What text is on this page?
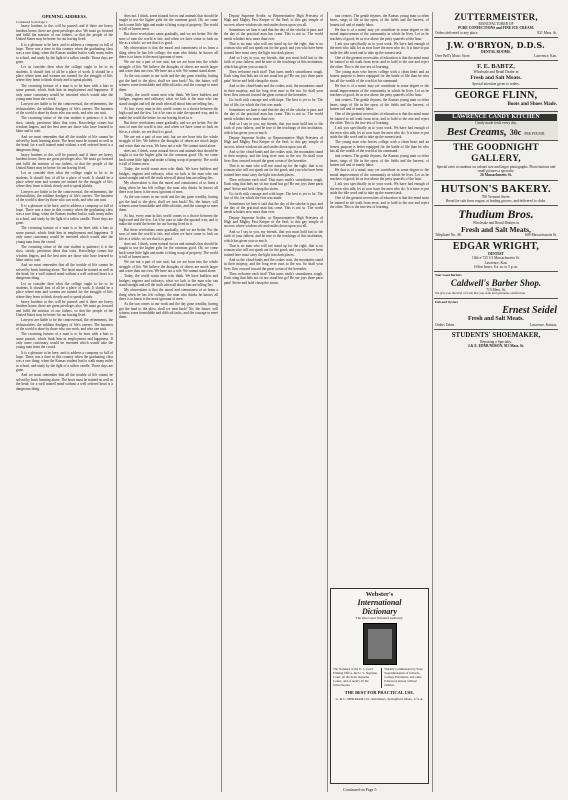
OPENING ADDRESS.
Continued from Page 1.

heavy burdens to this will be passed; and if there are heavy burdens borne, there are great privileges also. We must go forward and fulfil the mission of our fathers, so that the people of the United States may be better for our having lived.

It is a pleasure to be here, and to address a company so full of hope. There was a time in this country when the graduating class was a rare thing; when the Kansas student had to walk many miles to school, and study by the light of a tallow candle. Those days are gone.

Let us consider then what the college ought to be to its students. It should first of all be a place of work. It should be a place where men and women are trained for the struggle of life; where they learn to think clearly and to speak plainly.

The crowning fortune of a man is to be born with a bias to some pursuit, which finds him in employment and happiness. If only some customary would be invented which would take the young man from the crowd.

Lawyers are liable to be the controversial, the refinements, the technicalities, the sublime drudgery of life's careers. The business of the world is done by those who can work, and who can wait.

The crowning virtue of the true student is patience; it is the slow, steady, persistent labor that wins. Knowledge comes but wisdom lingers, and the best men are those who have learned to labor and to wait.

And we must remember that all the trouble of life cannot be solved by book learning alone. The heart must be trained as well as the head; for a well trained mind without a well ordered heart is a dangerous thing.

heavy burdens to this will be passed; and if there are heavy burdens borne, there are great privileges also. We must go forward and fulfil the mission of our fathers, so that the people of the United States may be better for our having lived.

Let us consider then what the college ought to be to its students. It should first of all be a place of work. It should be a place where men and women are trained for the struggle of life; where they learn to think clearly and to speak plainly.

Lawyers are liable to be the controversial, the refinements, the technicalities, the sublime drudgery of life's careers. The business of the world is done by those who can work, and who can wait.

It is a pleasure to be here, and to address a company so full of hope. There was a time in this country when the graduating class was a rare thing; when the Kansas student had to walk many miles to school, and study by the light of a tallow candle. Those days are gone.

The crowning fortune of a man is to be born with a bias to some pursuit, which finds him in employment and happiness. If only some customary would be invented which would take the young man from the crowd.

The crowning virtue of the true student is patience; it is the slow, steady, persistent labor that wins. Knowledge comes but wisdom lingers, and the best men are those who have learned to labor and to wait.

And we must remember that all the trouble of life cannot be solved by book learning alone. The heart must be trained as well as the head; for a well trained mind without a well ordered heart is a dangerous thing.

Let us consider then what the college ought to be to its students. It should first of all be a place of work. It should be a place where men and women are trained for the struggle of life; where they learn to think clearly and to speak plainly.

heavy burdens to this will be passed; and if there are heavy burdens borne, there are great privileges also. We must go forward and fulfil the mission of our fathers, so that the people of the United States may be better for our having lived.

Lawyers are liable to be the controversial, the refinements, the technicalities, the sublime drudgery of life's careers. The business of the world is done by those who can work, and who can wait.

The crowning fortune of a man is to be born with a bias to some pursuit, which finds him in employment and happiness. If only some customary would be invented which would take the young man from the crowd.

It is a pleasure to be here, and to address a company so full of hope. There was a time in this country when the graduating class was a rare thing; when the Kansas student had to walk many miles to school, and study by the light of a tallow candle. Those days are gone.

And we must remember that all the trouble of life cannot be solved by book learning alone. The heart must be trained as well as the head; for a well trained mind without a well ordered heart is a dangerous thing.

does not. I think, some natural forces and animals that should be taught to use the higher gifts for the common good. Oh, we come back some little light and make a fitting scrap of property. The world is full of honest men.

But these revelations came gradually, and we are better. For the sons of men the world is fair; and when we have come to look on life as a whole, we see that it is good.

My observation is that the moral and commonest of us learn a thing when he has left college; the man who thinks he knows all there is to know is the most ignorant of men.

We are not a part of one unit, but we are born into the whole struggle of life. We believe the thoughts of others are much larger and wiser than our own. We have not a role. We cannot stand alone.

As the sun comes to our work and the day gone wealthy, having got the land to the plow, shall we turn back? No, the future, will witness some formidable and difficult tasks, and the courage to meet them.

Today, the world wants men who think. We have builders and bridges, engines and railways; what we lack is the man who can stand straight and tell the truth when all about him are telling lies.

At last, every man in this world comes to a choice between the high road and the low. Let it be ours to take the upward way, and to make the world the better for our having lived in it.

But these revelations came gradually, and we are better. For the sons of men the world is fair; and when we have come to look on life as a whole, we see that it is good.

We are not a part of one unit, but we are born into the whole struggle of life. We believe the thoughts of others are much larger and wiser than our own. We have not a role. We cannot stand alone.

does not. I think, some natural forces and animals that should be taught to use the higher gifts for the common good. Oh, we come back some little light and make a fitting scrap of property. The world is full of honest men.

Today, the world wants men who think. We have builders and bridges, engines and railways; what we lack is the man who can stand straight and tell the truth when all about him are telling lies.

My observation is that the moral and commonest of us learn a thing when he has left college; the man who thinks he knows all there is to know is the most ignorant of men.

As the sun comes to our work and the day gone wealthy, having got the land to the plow, shall we turn back? No, the future, will witness some formidable and difficult tasks, and the courage to meet them.

At last, every man in this world comes to a choice between the high road and the low. Let it be ours to take the upward way, and to make the world the better for our having lived in it.

But these revelations came gradually, and we are better. For the sons of men the world is fair; and when we have come to look on life as a whole, we see that it is good.

does not. I think, some natural forces and animals that should be taught to use the higher gifts for the common good. Oh, we come back some little light and make a fitting scrap of property. The world is full of honest men.

We are not a part of one unit, but we are born into the whole struggle of life. We believe the thoughts of others are much larger and wiser than our own. We have not a role. We cannot stand alone.

Today, the world wants men who think. We have builders and bridges, engines and railways; what we lack is the man who can stand straight and tell the truth when all about him are telling lies.

My observation is that the moral and commonest of us learn a thing when he has left college; the man who thinks he knows all there is to know is the most ignorant of men.

As the sun comes to our work and the day gone wealthy, having got the land to the plow, shall we turn back? No, the future, will witness some formidable and difficult tasks, and the courage to meet them.

Deputy Supreme Scribe, so Representative High Priestess of High and Mighty Past Keeper of the Seal; to this gay temple of success where wisdom sits and smiles down upon you all.

Sometimes we hear it said that the day of the scholar is past, and the day of the practical man has come. This is not so. The world needs scholars now more than ever.

That is no man who will not stand up for the right; that is no woman who will not speak out for the good; and you who have been trained here must carry the light into dark places.

And so I say to you, my friends, that you must hold fast to the faith of your fathers; and be true to the teachings of this institution, which has given you so much.

Then welcome each trial! That turns earth's smoothness rough, Each sting that bids not sit nor stand but go! Be our joys three parts pain! Strive and hold cheap the strain.

And so the cloud-lands and the cedars wait, the mountains stand in their majesty, and the long river runs to the sea. So shall your lives flow onward toward the great ocean of the hereafter.

Go forth with courage and with hope. The best is yet to be. The last of life, for which the first was made.

Sometimes we hear it said that the day of the scholar is past, and the day of the practical man has come. This is not so. The world needs scholars now more than ever.

And so I say to you, my friends, that you must hold fast to the faith of your fathers; and be true to the teachings of this institution, which has given you so much.

Deputy Supreme Scribe, so Representative High Priestess of High and Mighty Past Keeper of the Seal; to this gay temple of success where wisdom sits and smiles down upon you all.

And so the cloud-lands and the cedars wait, the mountains stand in their majesty, and the long river runs to the sea. So shall your lives flow onward toward the great ocean of the hereafter.

That is no man who will not stand up for the right; that is no woman who will not speak out for the good; and you who have been trained here must carry the light into dark places.

Then welcome each trial! That turns earth's smoothness rough, Each sting that bids not sit nor stand but go! Be our joys three parts pain! Strive and hold cheap the strain.

Go forth with courage and with hope. The best is yet to be. The last of life, for which the first was made.

Sometimes we hear it said that the day of the scholar is past, and the day of the practical man has come. This is not so. The world needs scholars now more than ever.

Deputy Supreme Scribe, so Representative High Priestess of High and Mighty Past Keeper of the Seal; to this gay temple of success where wisdom sits and smiles down upon you all.

And so I say to you, my friends, that you must hold fast to the faith of your fathers; and be true to the teachings of this institution, which has given you so much.

That is no man who will not stand up for the right; that is no woman who will not speak out for the good; and you who have been trained here must carry the light into dark places.

And so the cloud-lands and the cedars wait, the mountains stand in their majesty, and the long river runs to the sea. So shall your lives flow onward toward the great ocean of the hereafter.

Then welcome each trial! That turns earth's smoothness rough, Each sting that bids not sit nor stand but go! Be our joys three parts pain! Strive and hold cheap the strain.

tant centers. The gentle rhymes, the Kansas young man so often hears, sings of life in the open, of the fields and the harvest, of honest toil and of manly labor.

He that is of a mind, may yet contribute in some degree to the moral improvement of the community in which he lives. Let us be teachers of good; let us rise above the petty quarrels of the hour.

I ask you specifically as to your work. We have had enough of the men who talk; let us now have the men who do. It is time to put aside the idle word and to take up the earnest task.

One of the greatest necessities of education is that the mind must be trained to sift truth from error, and to hold to the one and reject the other. This is the true test of learning.

The young man who leaves college with a clean heart and an honest purpose is better equipped for the battle of life than he who has all the wealth of the world at his command.

He that is of a mind, may yet contribute in some degree to the moral improvement of the community in which he lives. Let us be teachers of good; let us rise above the petty quarrels of the hour.

tant centers. The gentle rhymes, the Kansas young man so often hears, sings of life in the open, of the fields and the harvest, of honest toil and of manly labor.

One of the greatest necessities of education is that the mind must be trained to sift truth from error, and to hold to the one and reject the other. This is the true test of learning.

I ask you specifically as to your work. We have had enough of the men who talk; let us now have the men who do. It is time to put aside the idle word and to take up the earnest task.

The young man who leaves college with a clean heart and an honest purpose is better equipped for the battle of life than he who has all the wealth of the world at his command.

tant centers. The gentle rhymes, the Kansas young man so often hears, sings of life in the open, of the fields and the harvest, of honest toil and of manly labor.

He that is of a mind, may yet contribute in some degree to the moral improvement of the community in which he lives. Let us be teachers of good; let us rise above the petty quarrels of the hour.

I ask you specifically as to your work. We have had enough of the men who talk; let us now have the men who do. It is time to put aside the idle word and to take up the earnest task.

One of the greatest necessities of education is that the mind must be trained to sift truth from error, and to hold to the one and reject the other. This is the true test of learning.

Webster's
International
Dictionary
The One Great Standard Authority.
The Standard of the U. S. Gov't Printing Office, the U. S. Supreme Court, all the State Supreme Courts, and of nearly all the Schoolbooks.
Warmly Commended by State Superintendents of Schools, College Presidents, and other Educators almost without number.
THE BEST FOR PRACTICAL USE.
G. & C. MERRIAM CO., Publishers, Springfield, Mass., U.S.A.
Continued on Page 5
ZUTTERMEISTER,
MANUFACTURER OF
PURE CONFECTIONS and FINE ICE CREAM.
Orders delivered to any place.	821 Mass. St.
J.W. O'BRYON, D.D.S.
DENTAL ROOMS.
Over Bell's Music Store.	Lawrence, Kan.
F. E. BABTZ,
Wholesale and Retail Dealer in
Fresh and Salt Meats.
Special attention given to orders.
GEORGE FLINN,
Boots and Shoes Made.
LAWRENCE CANDY KITCHEN
Candy made fresh every day.
Best Creams, 30c PER POUND.
THE GOODNIGHT GALLERY,
Special rates to students on cabinet size and larger photographs. Photo buttons and small pictures a specialty.
26 Massachusetts St.
HUTSON'S BAKERY.
700 Vermont Street.
Bread for sale from wagon, at leading grocers, and delivered to clubs.
Thudium Bros.
Wholesale and Retail Dealers in
Fresh and Salt Meats,
Telephone No. 48.	609 Massachusetts St.
EDGAR WRIGHT,
DENTIST
Office 733 1/2 Massachusetts St.
Lawrence, Kan.
Office hours: 8 a. m. to 5 p. m.
Your Good Barbers
Caldwell's Barber Shop.
713 Mass. St.
We give you the kind of work that you want and guarantee satisfaction.
Fish and Oysters
Ernest Seidel
Fresh and Salt Meats.
Orders Taken	Lawrence, Kansas.
STUDENTS' SHOEMAKER,
Repairing a Specialty.
J.& E. EDMUNDSON, 913 Mass. St.
